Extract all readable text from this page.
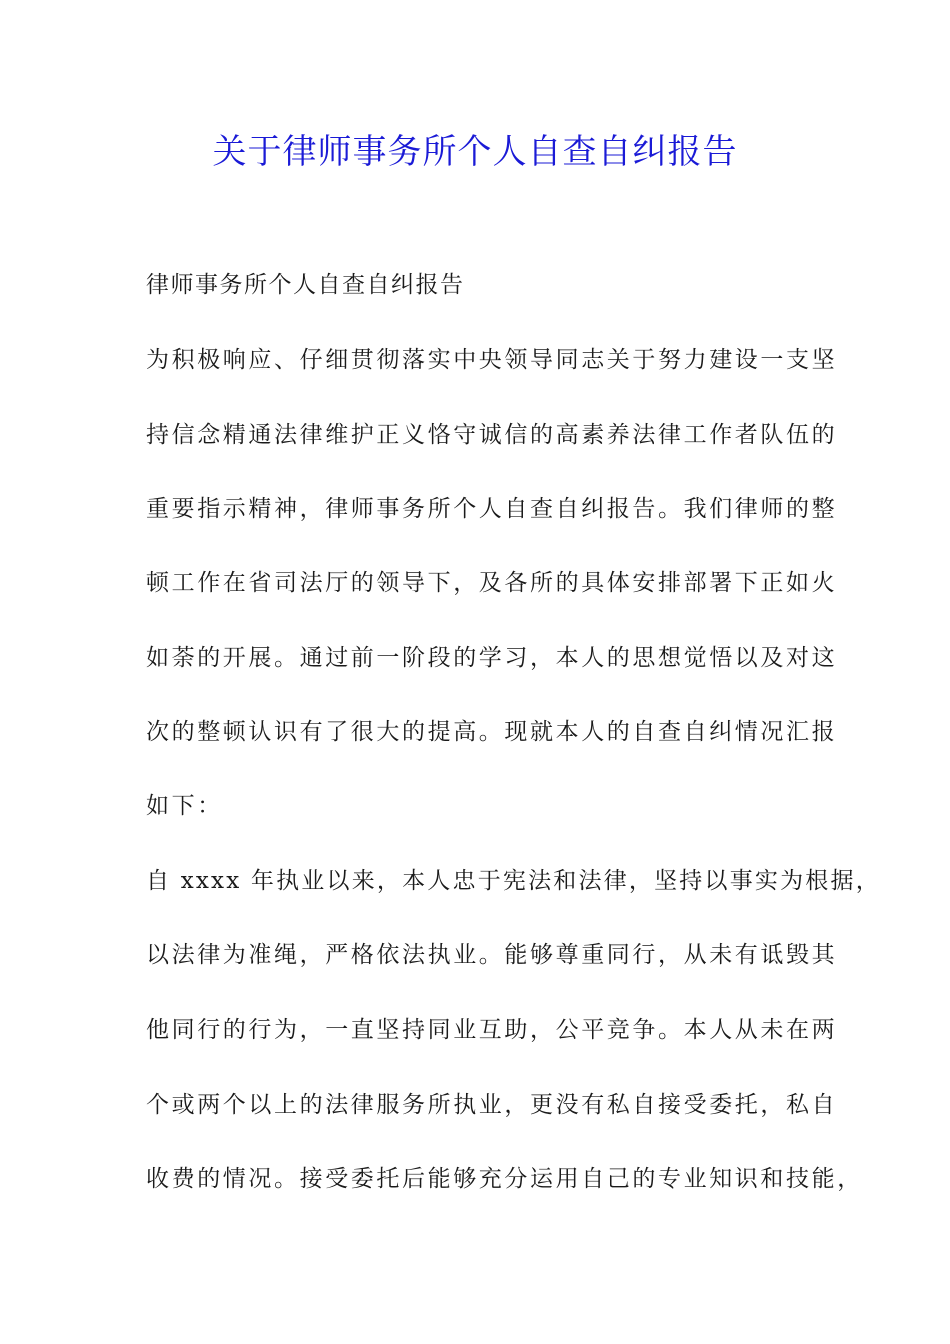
关于律师事务所个人自查自纠报告
律师事务所个人自查自纠报告
为积极响应、仔细贯彻落实中央领导同志关于努力建设一支坚
持信念精通法律维护正义恪守诚信的高素养法律工作者队伍的
重要指示精神，律师事务所个人自查自纠报告。我们律师的整
顿工作在省司法厅的领导下，及各所的具体安排部署下正如火
如荼的开展。通过前一阶段的学习，本人的思想觉悟以及对这
次的整顿认识有了很大的提高。现就本人的自查自纠情况汇报
如下：
自 xxxx 年执业以来，本人忠于宪法和法律，坚持以事实为根据，
以法律为准绳，严格依法执业。能够尊重同行，从未有诋毁其
他同行的行为，一直坚持同业互助，公平竞争。本人从未在两
个或两个以上的法律服务所执业，更没有私自接受委托，私自
收费的情况。接受委托后能够充分运用自己的专业知识和技能，
